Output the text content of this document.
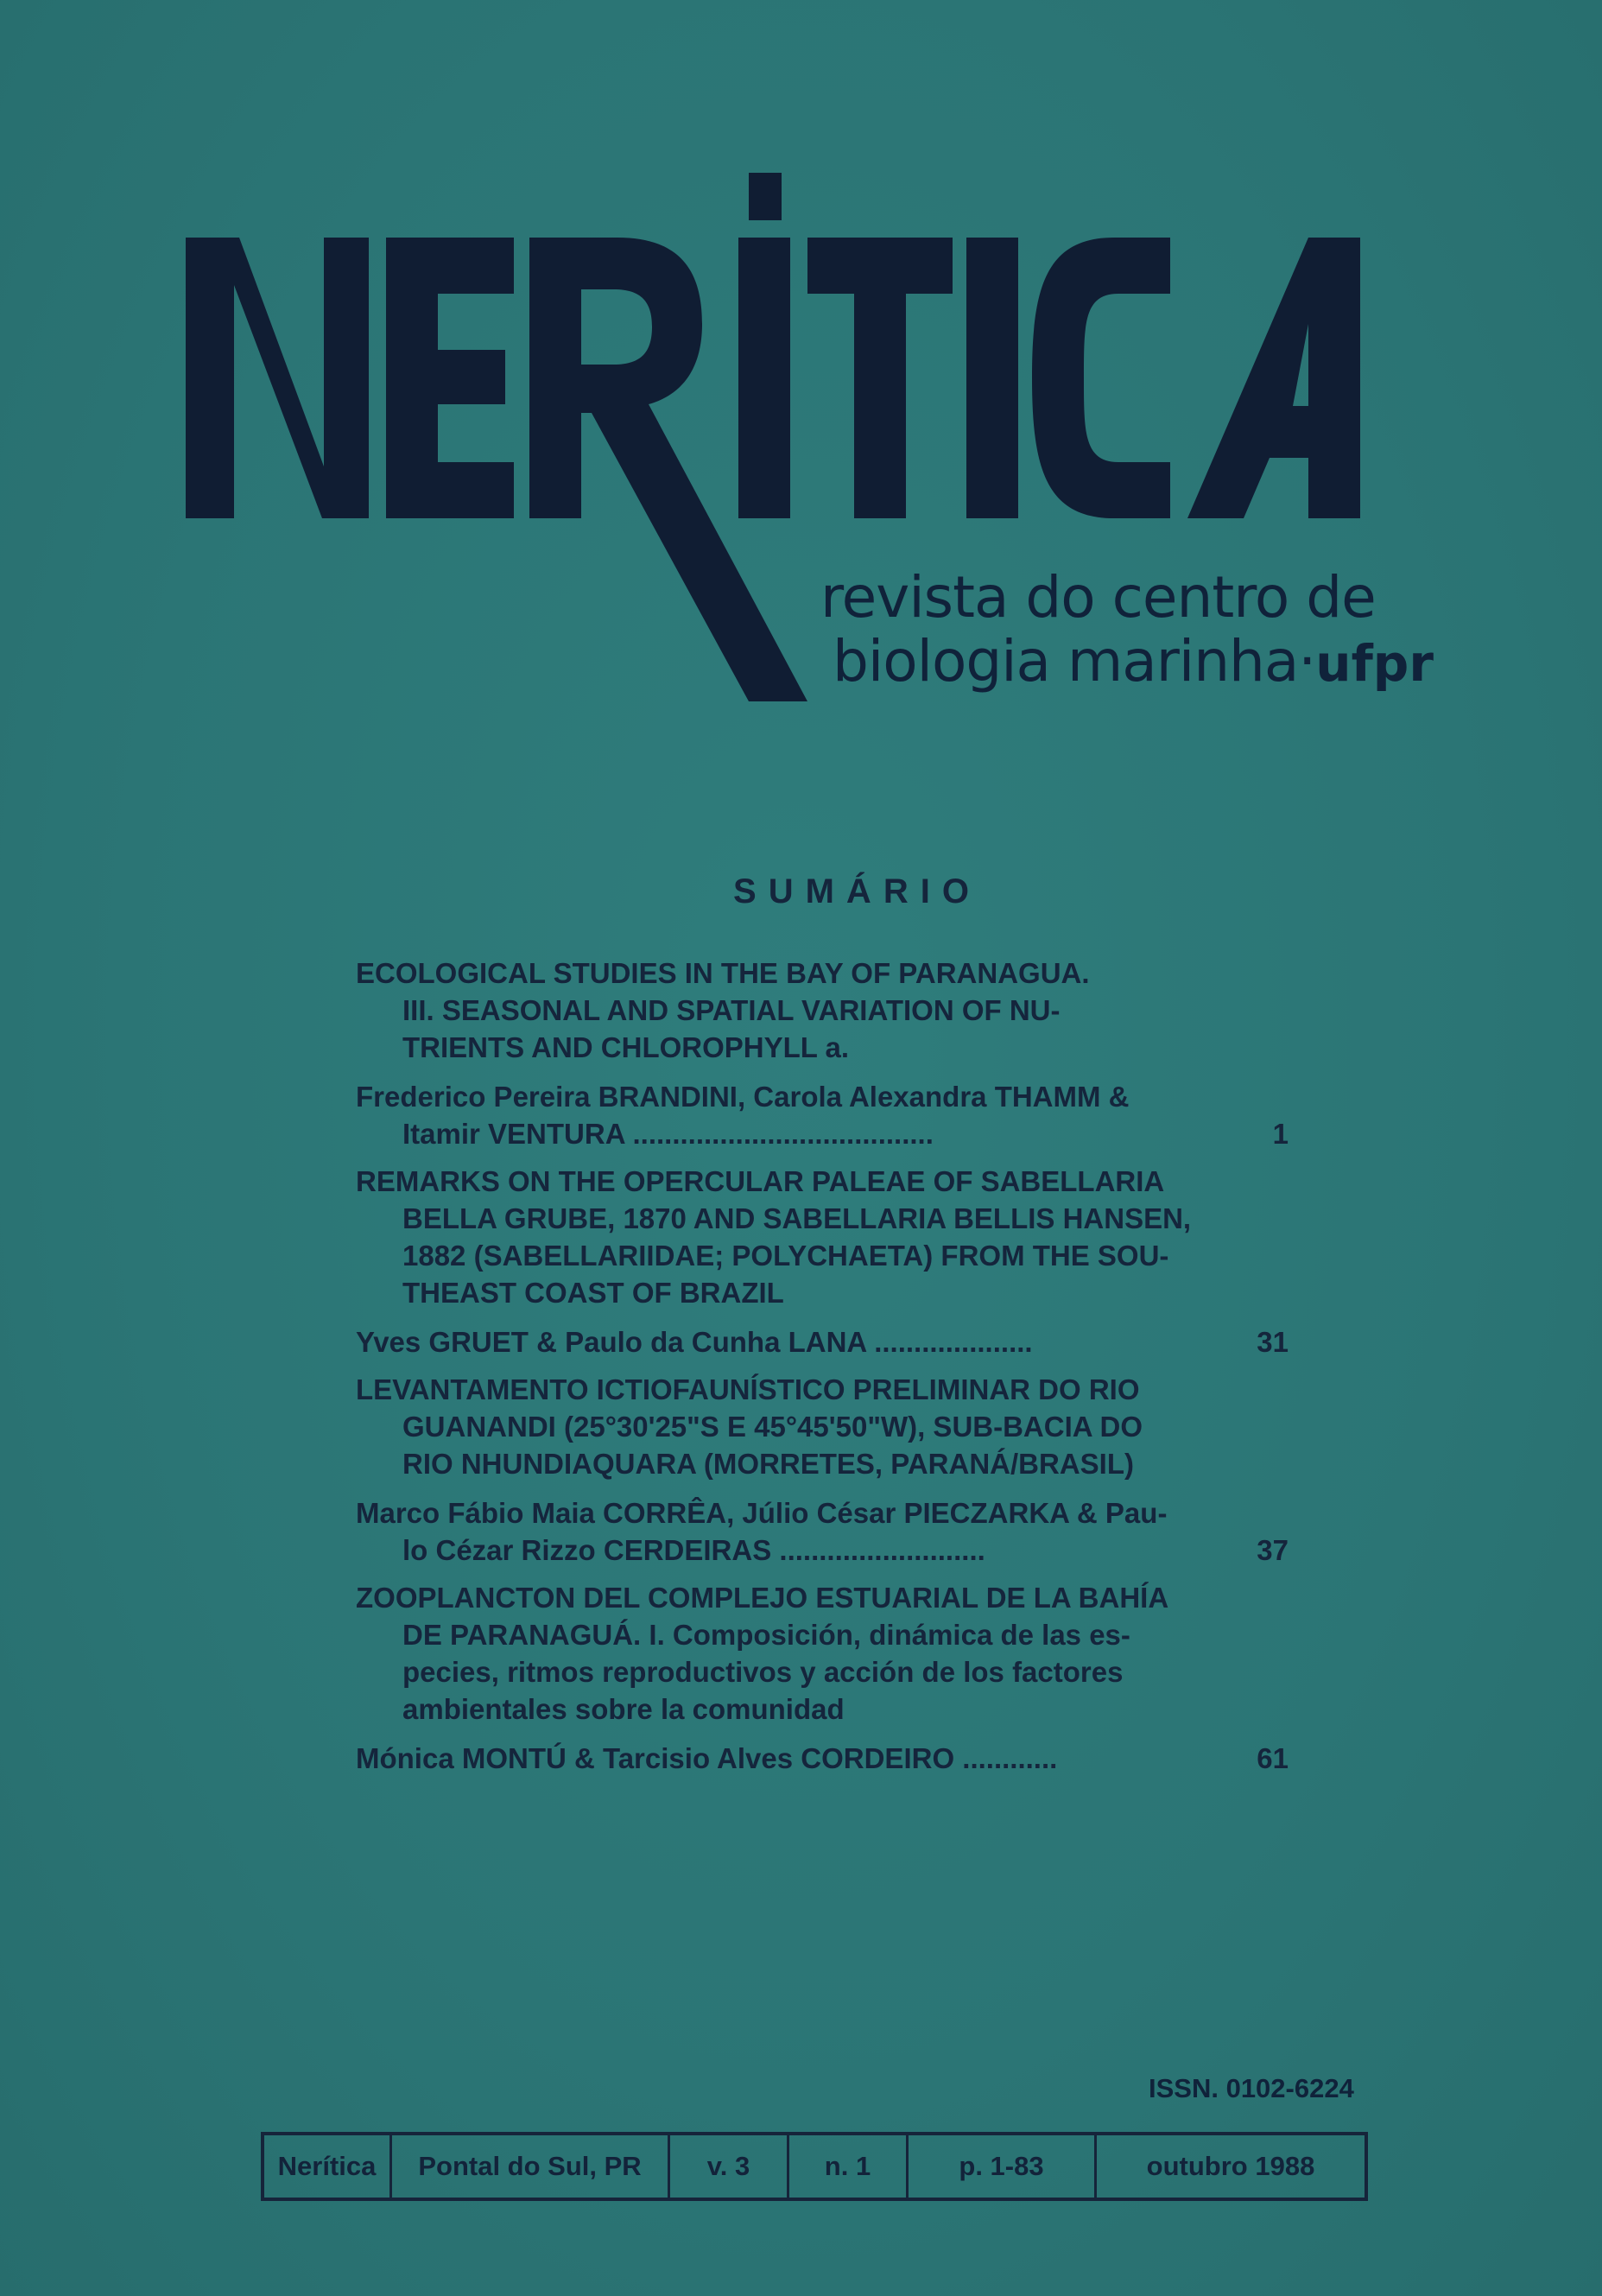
revista do centro de
biologia marinha·ufpr
SUMÁRIO
ECOLOGICAL STUDIES IN THE BAY OF PARANAGUA.
III. SEASONAL AND SPATIAL VARIATION OF NU-
TRIENTS AND CHLOROPHYLL a.
Frederico Pereira BRANDINI, Carola Alexandra THAMM &
Itamir VENTURA ......................................	1
REMARKS ON THE OPERCULAR PALEAE OF SABELLARIA
BELLA GRUBE, 1870 AND SABELLARIA BELLIS HANSEN,
1882 (SABELLARIIDAE; POLYCHAETA) FROM THE SOU-
THEAST COAST OF BRAZIL
Yves GRUET & Paulo da Cunha LANA ....................	31
LEVANTAMENTO ICTIOFAUNÍSTICO PRELIMINAR DO RIO
GUANANDI (25°30'25"S E 45°45'50"W), SUB-BACIA DO
RIO NHUNDIAQUARA (MORRETES, PARANÁ/BRASIL)
Marco Fábio Maia CORRÊA, Júlio César PIECZARKA & Pau-
lo Cézar Rizzo CERDEIRAS ..........................	37
ZOOPLANCTON DEL COMPLEJO ESTUARIAL DE LA BAHÍA
DE PARANAGUÁ. I. Composición, dinámica de las es-
pecies, ritmos reproductivos y acción de los factores
ambientales sobre la comunidad
Mónica MONTÚ & Tarcisio Alves CORDEIRO ............	61
ISSN. 0102-6224
Nerítica	Pontal do Sul, PR	v. 3	n. 1	p. 1-83	outubro 1988
